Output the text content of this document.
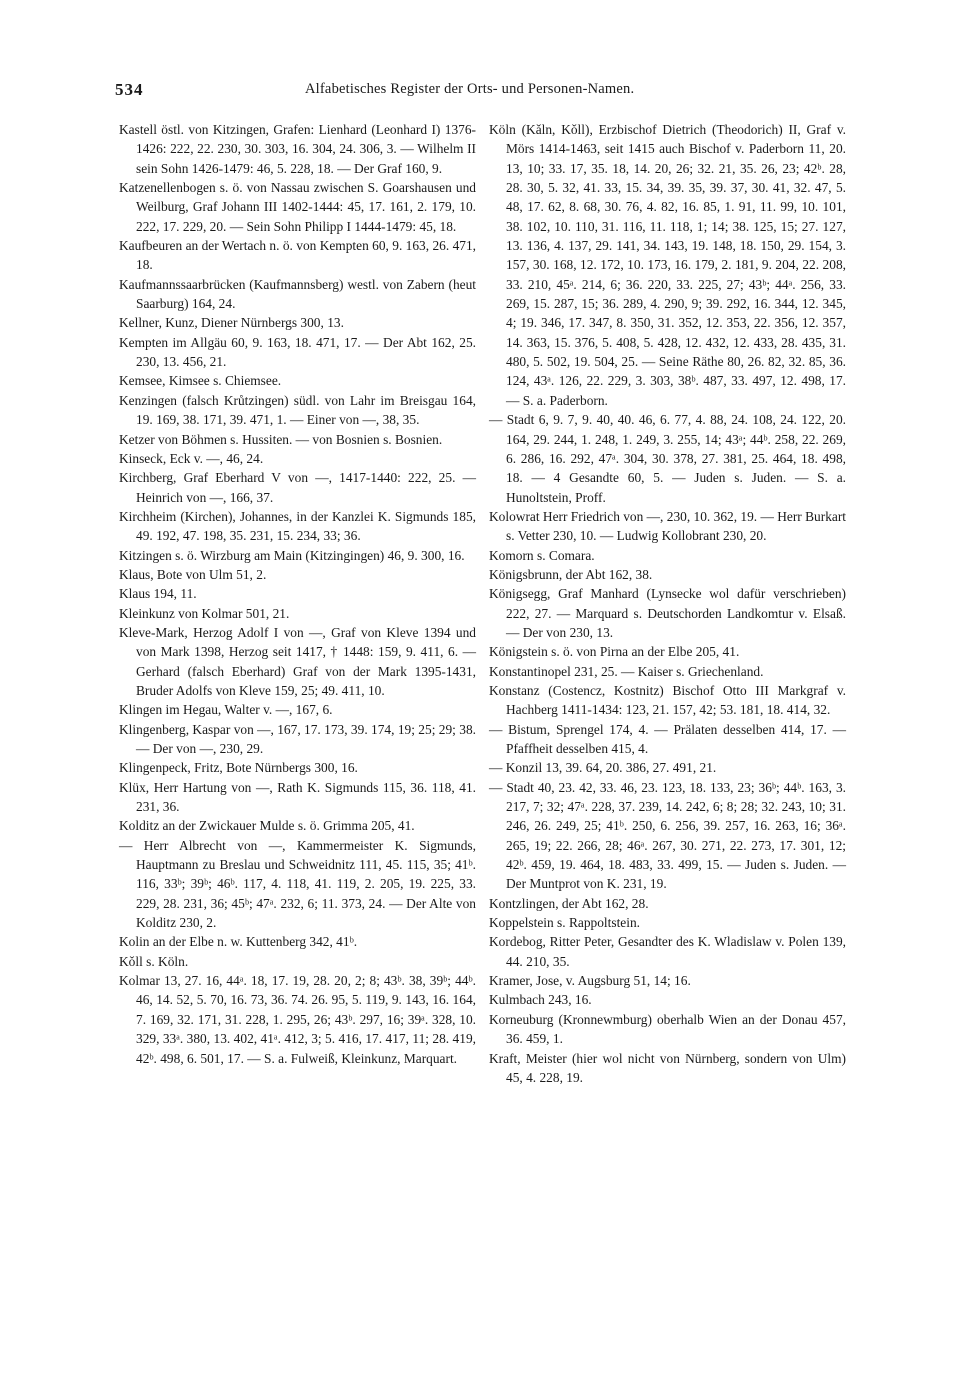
534	Alfabetisches Register der Orts- und Personen-Namen.

Kastell östl. von Kitzingen, Grafen: Lienhard (Leonhard I) 1376-1426: 222, 22. 230, 30. 303, 16. 304, 24. 306, 3. — Wilhelm II sein Sohn 1426-1479: 46, 5. 228, 18. — Der Graf 160, 9.

Katzenellenbogen s. ö. von Nassau zwischen S. Goarshausen und Weilburg, Graf Johann III 1402-1444: 45, 17. 161, 2. 179, 10. 222, 17. 229, 20. — Sein Sohn Philipp I 1444-1479: 45, 18.

Kaufbeuren an der Wertach n. ö. von Kempten 60, 9. 163, 26. 471, 18.

Kaufmannssaarbrücken (Kaufmannsberg) westl. von Zabern (heut Saarburg) 164, 24.

Kellner, Kunz, Diener Nürnbergs 300, 13.

Kempten im Allgäu 60, 9. 163, 18. 471, 17. — Der Abt 162, 25. 230, 13. 456, 21.

Kemsee, Kimsee s. Chiemsee.

Kenzingen (falsch Krůtzingen) südl. von Lahr im Breisgau 164, 19. 169, 38. 171, 39. 471, 1. — Einer von —, 38, 35.

Ketzer von Böhmen s. Hussiten. — von Bosnien s. Bosnien.

Kinseck, Eck v. —, 46, 24.

Kirchberg, Graf Eberhard V von —, 1417-1440: 222, 25. — Heinrich von —, 166, 37.

Kirchheim (Kirchen), Johannes, in der Kanzlei K. Sigmunds 185, 49. 192, 47. 198, 35. 231, 15. 234, 33; 36.

Kitzingen s. ö. Wirzburg am Main (Kitzingingen) 46, 9. 300, 16.

Klaus, Bote von Ulm 51, 2.

Klaus 194, 11.

Kleinkunz von Kolmar 501, 21.

Kleve-Mark, Herzog Adolf I von —, Graf von Kleve 1394 und von Mark 1398, Herzog seit 1417, † 1448: 159, 9. 411, 6. — Gerhard (falsch Eberhard) Graf von der Mark 1395-1431, Bruder Adolfs von Kleve 159, 25; 49. 411, 10.

Klingen im Hegau, Walter v. —, 167, 6.

Klingenberg, Kaspar von —, 167, 17. 173, 39. 174, 19; 25; 29; 38. — Der von —, 230, 29.

Klingenpeck, Fritz, Bote Nürnbergs 300, 16.

Klüx, Herr Hartung von —, Rath K. Sigmunds 115, 36. 118, 41. 231, 36.

Kolditz an der Zwickauer Mulde s. ö. Grimma 205, 41.

— Herr Albrecht von —, Kammermeister K. Sigmunds, Hauptmann zu Breslau und Schweidnitz 111, 45. 115, 35; 41ᵇ. 116, 33ᵇ; 39ᵇ; 46ᵇ. 117, 4. 118, 41. 119, 2. 205, 19. 225, 33. 229, 28. 231, 36; 45ᵇ; 47ᵃ. 232, 6; 11. 373, 24. — Der Alte von Kolditz 230, 2.

Kolin an der Elbe n. w. Kuttenberg 342, 41ᵇ.

Kǒll s. Köln.

Kolmar 13, 27. 16, 44ᵃ. 18, 17. 19, 28. 20, 2; 8; 43ᵇ. 38, 39ᵇ; 44ᵇ. 46, 14. 52, 5. 70, 16. 73, 36. 74. 26. 95, 5. 119, 9. 143, 16. 164, 7. 169, 32. 171, 31. 228, 1. 295, 26; 43ᵇ. 297, 16; 39ᵃ. 328, 10. 329, 33ᵃ. 380, 13. 402, 41ᵃ. 412, 3; 5. 416, 17. 417, 11; 28. 419, 42ᵇ. 498, 6. 501, 17. — S. a. Fulweiß, Kleinkunz, Marquart.

Köln (Kǎln, Kǒll), Erzbischof Dietrich (Theodorich) II, Graf v. Mörs 1414-1463, seit 1415 auch Bischof v. Paderborn 11, 20. 13, 10; 33. 17, 35. 18, 14. 20, 26; 32. 21, 35. 26, 23; 42ᵇ. 28, 28. 30, 5. 32, 41. 33, 15. 34, 39. 35, 39. 37, 30. 41, 32. 47, 5. 48, 17. 62, 8. 68, 30. 76, 4. 82, 16. 85, 1. 91, 11. 99, 10. 101, 38. 102, 10. 110, 31. 116, 11. 118, 1; 14; 38. 125, 15; 27. 127, 13. 136, 4. 137, 29. 141, 34. 143, 19. 148, 18. 150, 29. 154, 3. 157, 30. 168, 12. 172, 10. 173, 16. 179, 2. 181, 9. 204, 22. 208, 33. 210, 45ᵃ. 214, 6; 36. 220, 33. 225, 27; 43ᵇ; 44ᵃ. 256, 33. 269, 15. 287, 15; 36. 289, 4. 290, 9; 39. 292, 16. 344, 12. 345, 4; 19. 346, 17. 347, 8. 350, 31. 352, 12. 353, 22. 356, 12. 357, 14. 363, 15. 376, 5. 408, 5. 428, 12. 432, 12. 433, 28. 435, 31. 480, 5. 502, 19. 504, 25. — Seine Räthe 80, 26. 82, 32. 85, 36. 124, 43ᵃ. 126, 22. 229, 3. 303, 38ᵇ. 487, 33. 497, 12. 498, 17. — S. a. Paderborn.

— Stadt 6, 9. 7, 9. 40, 40. 46, 6. 77, 4. 88, 24. 108, 24. 122, 20. 164, 29. 244, 1. 248, 1. 249, 3. 255, 14; 43ᵃ; 44ᵇ. 258, 22. 269, 6. 286, 16. 292, 47ᵃ. 304, 30. 378, 27. 381, 25. 464, 18. 498, 18. — 4 Gesandte 60, 5. — Juden s. Juden. — S. a. Hunoltstein, Proff.

Kolowrat Herr Friedrich von —, 230, 10. 362, 19. — Herr Burkart s. Vetter 230, 10. — Ludwig Kollobrant 230, 20.

Komorn s. Comara.

Königsbrunn, der Abt 162, 38.

Königsegg, Graf Manhard (Lynsecke wol dafür verschrieben) 222, 27. — Marquard s. Deutschorden Landkomtur v. Elsaß. — Der von 230, 13.

Königstein s. ö. von Pirna an der Elbe 205, 41.

Konstantinopel 231, 25. — Kaiser s. Griechenland.

Konstanz (Costencz, Kostnitz) Bischof Otto III Markgraf v. Hachberg 1411-1434: 123, 21. 157, 42; 53. 181, 18. 414, 32.

— Bistum, Sprengel 174, 4. — Prälaten desselben 414, 17. — Pfaffheit desselben 415, 4.

— Konzil 13, 39. 64, 20. 386, 27. 491, 21.

— Stadt 40, 23. 42, 33. 46, 23. 123, 18. 133, 23; 36ᵇ; 44ᵇ. 163, 3. 217, 7; 32; 47ᵃ. 228, 37. 239, 14. 242, 6; 8; 28; 32. 243, 10; 31. 246, 26. 249, 25; 41ᵇ. 250, 6. 256, 39. 257, 16. 263, 16; 36ᵃ. 265, 19; 22. 266, 28; 46ᵃ. 267, 30. 271, 22. 273, 17. 301, 12; 42ᵇ. 459, 19. 464, 18. 483, 33. 499, 15. — Juden s. Juden. — Der Muntprot von K. 231, 19.

Kontzlingen, der Abt 162, 28.

Koppelstein s. Rappoltstein.

Kordebog, Ritter Peter, Gesandter des K. Wladislaw v. Polen 139, 44. 210, 35.

Kramer, Jose, v. Augsburg 51, 14; 16.

Kulmbach 243, 16.

Korneuburg (Kronnewmburg) oberhalb Wien an der Donau 457, 36. 459, 1.

Kraft, Meister (hier wol nicht von Nürnberg, sondern von Ulm) 45, 4. 228, 19.
